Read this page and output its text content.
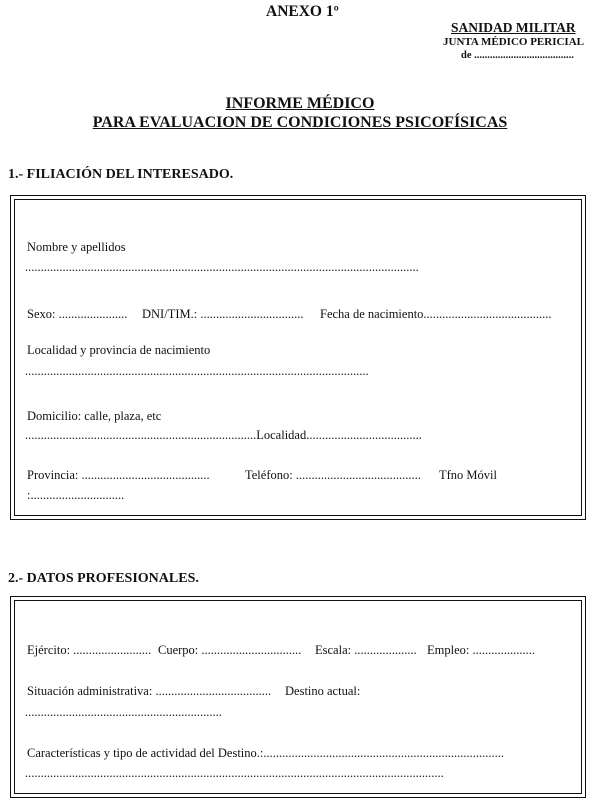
ANEXO 1º
SANIDAD MILITAR
JUNTA MÉDICO PERICIAL
de ......................................
INFORME MÉDICO
PARA EVALUACION DE CONDICIONES PSICOFÍSICAS
1.- FILIACIÓN DEL INTERESADO.
Nombre y apellidos
..............................................................................................................................
Sexo: ...................... DNI/TIM.: ................................. Fecha de nacimiento.........................................
Localidad y provincia de nacimiento
..............................................................................................................
Domicilio: calle, plaza, etc
..........................................................................Localidad.....................................
Provincia: .........................................	Teléfono: ........................................ Tfno Móvil
:..............................
2.- DATOS PROFESIONALES.
Ejército: ......................... Cuerpo: ................................ Escala: .................... Empleo: ....................
Situación administrativa: ..................................... Destino actual:
...............................................................
Características y tipo de actividad del Destino.:.............................................................................
......................................................................................................................................
